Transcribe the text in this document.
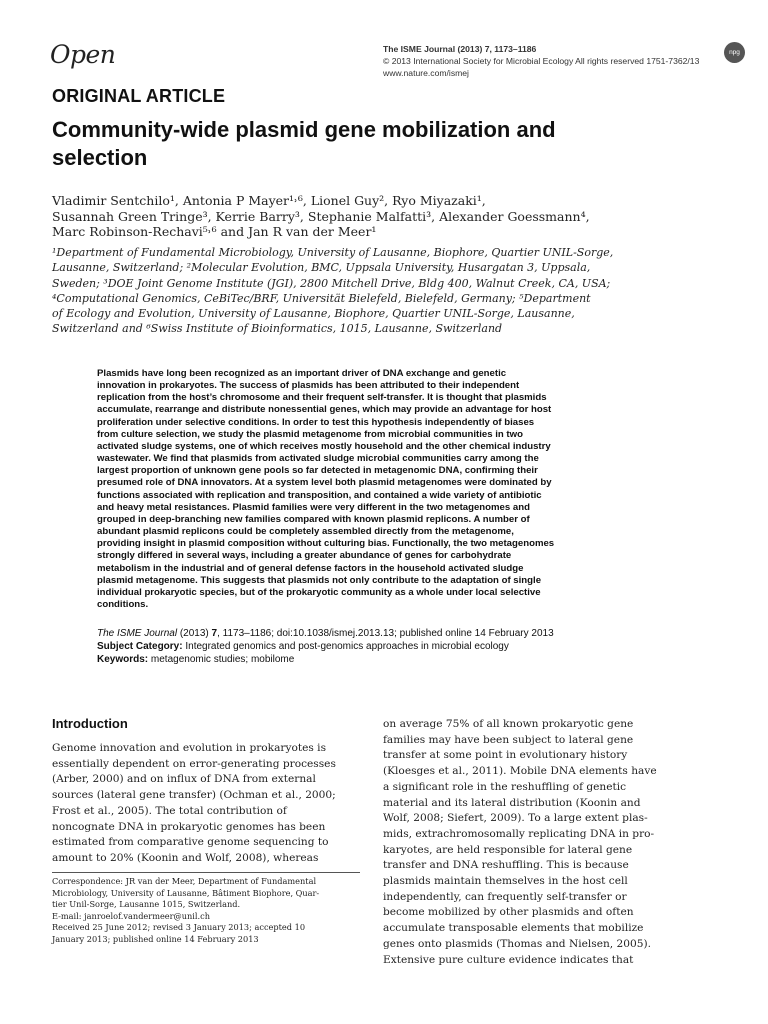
Open	The ISME Journal (2013) 7, 1173–1186
© 2013 International Society for Microbial Ecology All rights reserved 1751-7362/13
www.nature.com/ismej
npg
ORIGINAL ARTICLE
Community-wide plasmid gene mobilization and
selection
Vladimir Sentchilo¹, Antonia P Mayer¹˒⁶, Lionel Guy², Ryo Miyazaki¹,
Susannah Green Tringe³, Kerrie Barry³, Stephanie Malfatti³, Alexander Goessmann⁴,
Marc Robinson-Rechavi⁵˒⁶ and Jan R van der Meer¹
¹Department of Fundamental Microbiology, University of Lausanne, Biophore, Quartier UNIL-Sorge,
Lausanne, Switzerland; ²Molecular Evolution, BMC, Uppsala University, Husargatan 3, Uppsala,
Sweden; ³DOE Joint Genome Institute (JGI), 2800 Mitchell Drive, Bldg 400, Walnut Creek, CA, USA;
⁴Computational Genomics, CeBiTec/BRF, Universität Bielefeld, Bielefeld, Germany; ⁵Department
of Ecology and Evolution, University of Lausanne, Biophore, Quartier UNIL-Sorge, Lausanne,
Switzerland and ⁶Swiss Institute of Bioinformatics, 1015, Lausanne, Switzerland
Plasmids have long been recognized as an important driver of DNA exchange and genetic
innovation in prokaryotes. The success of plasmids has been attributed to their independent
replication from the host’s chromosome and their frequent self-transfer. It is thought that plasmids
accumulate, rearrange and distribute nonessential genes, which may provide an advantage for host
proliferation under selective conditions. In order to test this hypothesis independently of biases
from culture selection, we study the plasmid metagenome from microbial communities in two
activated sludge systems, one of which receives mostly household and the other chemical industry
wastewater. We find that plasmids from activated sludge microbial communities carry among the
largest proportion of unknown gene pools so far detected in metagenomic DNA, confirming their
presumed role of DNA innovators. At a system level both plasmid metagenomes were dominated by
functions associated with replication and transposition, and contained a wide variety of antibiotic
and heavy metal resistances. Plasmid families were very different in the two metagenomes and
grouped in deep-branching new families compared with known plasmid replicons. A number of
abundant plasmid replicons could be completely assembled directly from the metagenome,
providing insight in plasmid composition without culturing bias. Functionally, the two metagenomes
strongly differed in several ways, including a greater abundance of genes for carbohydrate
metabolism in the industrial and of general defense factors in the household activated sludge
plasmid metagenome. This suggests that plasmids not only contribute to the adaptation of single
individual prokaryotic species, but of the prokaryotic community as a whole under local selective
conditions.
The ISME Journal (2013) 7, 1173–1186; doi:10.1038/ismej.2013.13; published online 14 February 2013
Subject Category: Integrated genomics and post-genomics approaches in microbial ecology
Keywords: metagenomic studies; mobilome
Introduction
Genome innovation and evolution in prokaryotes is
essentially dependent on error-generating processes
(Arber, 2000) and on influx of DNA from external
sources (lateral gene transfer) (Ochman et al., 2000;
Frost et al., 2005). The total contribution of
noncognate DNA in prokaryotic genomes has been
estimated from comparative genome sequencing to
amount to 20% (Koonin and Wolf, 2008), whereas
on average 75% of all known prokaryotic gene
families may have been subject to lateral gene
transfer at some point in evolutionary history
(Kloesges et al., 2011). Mobile DNA elements have
a significant role in the reshuffling of genetic
material and its lateral distribution (Koonin and
Wolf, 2008; Siefert, 2009). To a large extent plas-
mids, extrachromosomally replicating DNA in pro-
karyotes, are held responsible for lateral gene
transfer and DNA reshuffling. This is because
plasmids maintain themselves in the host cell
independently, can frequently self-transfer or
become mobilized by other plasmids and often
accumulate transposable elements that mobilize
genes onto plasmids (Thomas and Nielsen, 2005).
Extensive pure culture evidence indicates that
Correspondence: JR van der Meer, Department of Fundamental
Microbiology, University of Lausanne, Bâtiment Biophore, Quar-
tier Unil-Sorge, Lausanne 1015, Switzerland.
E-mail: janroelof.vandermeer@unil.ch
Received 25 June 2012; revised 3 January 2013; accepted 10
January 2013; published online 14 February 2013
